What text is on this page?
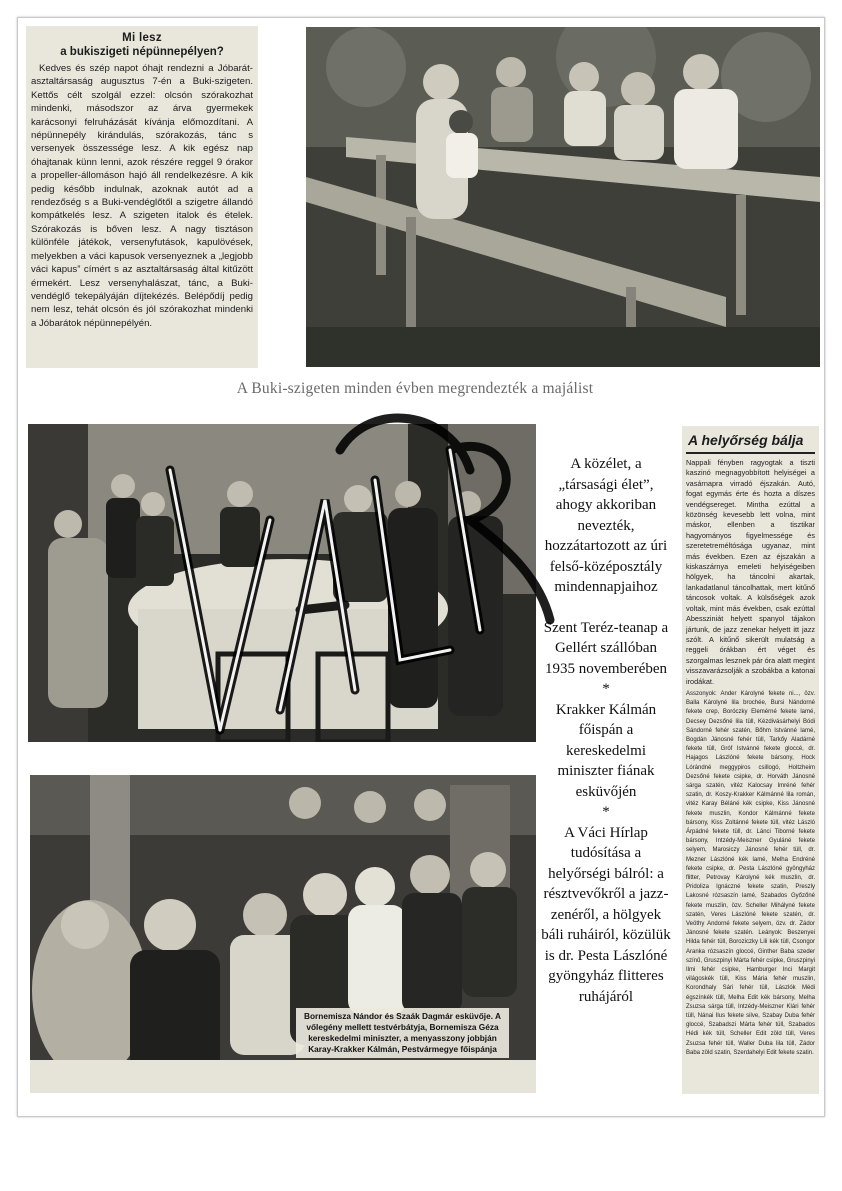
Mi lesz
a bukiszigeti népünnepélyen?
Kedves és szép napot óhajt rendezni a Jóbarát-asztaltársaság augusztus 7-én a Buki-szigeten. Kettős célt szolgál ezzel: olcsón szórakozhat mindenki, másodszor az árva gyermekek karácsonyi felruházását kívánja előmozdítani. A népünnepély kirándulás, szórakozás, tánc s versenyek összessége lesz. A kik egész nap óhajtanak künn lenni, azok részére reggel 9 órakor a propeller-állomáson hajó áll rendelkezésre. A kik pedig később indulnak, azoknak autót ad a rendezőség s a Buki-vendéglőtől a szigetre állandó kompátkelés lesz. A szigeten italok és ételek. Szórakozás is bőven lesz. A nagy tisztáson különféle játékok, versenyfutások, kapulövések, melyekben a váci kapusok versenyeznek a „legjobb váci kapus” címért s az asztaltársaság által kitűzött érmekért. Lesz versenyhalászat, tánc, a Buki-vendéglő tekepályáján díjtekézés. Belépődíj pedig nem lesz, tehát olcsón és jól szórakozhat mindenki a Jóbarátok népünnepélyén.
A Buki-szigeten minden évben megrendezték a majálist

A közélet, a „társasági élet”, ahogy akkoriban nevezték, hozzátartozott az úri felső-középosztály mindennapjaihoz

Szent Teréz-teanap a Gellért szállóban 1935 novemberében

*

Krakker Kálmán főispán a kereskedelmi miniszter fiának esküvőjén

*

A Váci Hírlap tudósítása a helyőrségi bálról: a résztvevőkről a jazz-zenéről, a hölgyek báli ruháiról, közülük is dr. Pesta Lászlóné gyöngyház flitteres ruhájáról

A helyőrség bálja
Nappali fényben ragyogtak a tiszti kaszinó megnagyobbított helyiségei a vasárnapra virradó éjszakán. Autó, fogat egymás érte és hozta a díszes vendégsereget. Mintha ezúttal a közönség kevesebb lett volna, mint máskor, ellenben a tisztikar hagyományos figyelmessége és szeretetreméltósága ugyanaz, mint más években. Ezen az éjszakán a kiskaszárnya emeleti helyiségeiben hölgyek, ha táncolni akartak, lankadatlanul táncolhattak, mert kitűnő táncosok voltak. A külsőségek azok voltak, mint más években, csak ezúttal Abessziniát helyett spanyol tájakon jártunk, de jazz zenekar helyett itt jazz szólt. A kitűnő sikerült mulatság a reggeli órákban ért véget és szorgalmas lesznek pár óra alatt megint visszavarázsolják a szobákba a katonai irodákat.
Asszonyok: Ander Károlyné fekete ni..., özv. Balla Károlyné lila brochée, Bursi Nándorné fekete crep, Boróczky Elemérné fekete lamé, Decsey Dezsőné lila tüll, Kézdivásárhelyi Bódi Sándorné fehér szatén, Bőhm Istvánné lamé, Bogdán Jánosné fehér tüll, Tarkőy Aladárné fekete tüll, Gróf Istvánné fekete gloccé, dr. Hajagos Lászlóné fekete bársony, Hock Lórándné meggypiros csillogó, Holtzheim Dezsőné fekete csipke, dr. Horváth Jánosné sárga szatén, vitéz Kalocsay Imréné fehér szatin, dr. Koszy-Krakker Kálmánné lila román, vitéz Karay Béláné kék csipke, Kiss Jánosné fekete muszlin, Kondor Kálmánné fekete bársony, Kiss Zoltánné fekete tüll, vitéz László Árpádné fekete tüll, dr. Lánci Tiborné fekete bársony, Intzédy-Meiszner Gyuláné fekete selyem, Marosiczy Jánosné fehér tüll, dr. Mezner Lászlóné kék lamé, Melha Endréné fekete csipke, dr. Pesta Lászlóné gyöngyház flitter, Petrovay Károlyné kék muszlin, dr. Pridoliza Ignáczné fekete szatin, Preszly Lakosné rózsaszín lamé, Szabados Győzőné fekete muszlin, özv. Scheller Mihályné fekete szatén, Veres Lászlóné fekete szatén, dr. Veöthy Andorné fekete selyem, özv. dr. Zádor Jánosné fekete szatén. Leányok: Beszenyei Hilda fehér tüll, Boroziczky Lili kék tüll, Csongor Aranka rózsaszín gloccé, Ginther Baba szeder színű, Gruszpinyi Márta fehér csipke, Gruszpinyi Ilmi fehér csipke, Hamburger Inci Margit világoskék tüll, Kiss Mária fehér muszlin, Korondhaly Sári fehér tüll, Lászlók Médi égszínkék tüll, Melha Edit kék bársony, Melha Zsuzsa sárga tüll, Intzédy-Meiszner Klári fehér tüll, Nánai Ilus fekete silve, Szabay Duba fehér gloccé, Szabadszi Márta fehér tüll, Szabados Hédi kék tüll, Scheller Edit zöld tüll, Veres Zsuzsa fehér tüll, Waller Duba lila tüll, Zádor Baba zöld szatin, Szerdahelyi Edit fekete szatin.
Bornemisza Nándor és Szaák Dagmár esküvője. A vőlegény mellett testvérbátyja, Bornemisza Géza kereskedelmi miniszter, a menyasszony jobbján Karay-Krakker Kálmán, Pestvármegye főispánja
